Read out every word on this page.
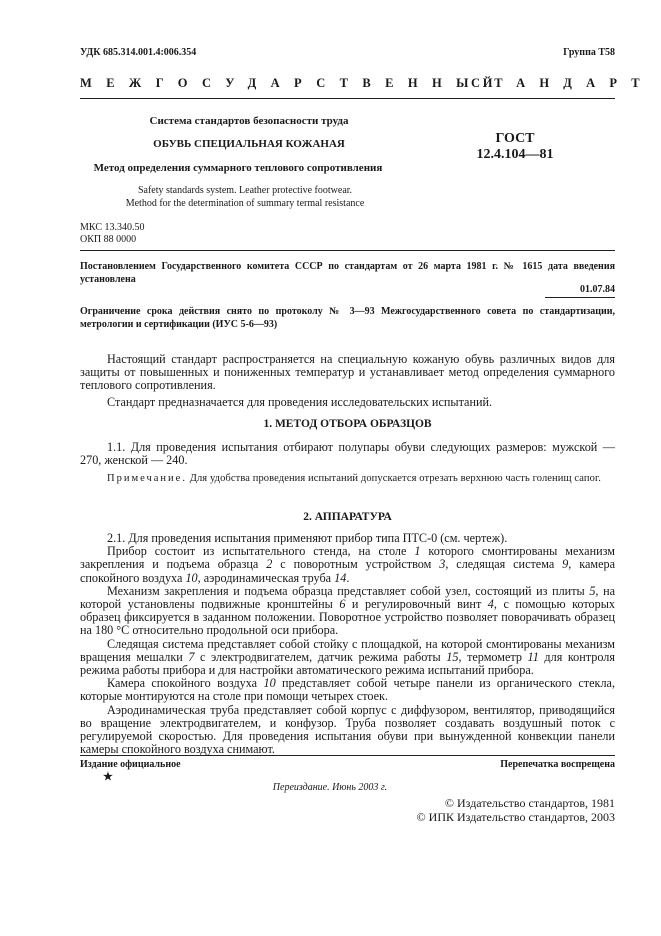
УДК 685.314.001.4:006.354	Группа Т58
МЕЖГОСУДАРСТВЕННЫЙ
СТАНДАРТ
Система стандартов безопасности труда
ОБУВЬ СПЕЦИАЛЬНАЯ КОЖАНАЯ
Метод определения суммарного теплового сопротивления
ГОСТ
12.4.104—81
Safety standards system. Leather protective footwear.
Method for the determination of summary termal resistance
МКС 13.340.50
ОКП 88 0000
Постановлением Государственного комитета СССР по стандартам от 26 марта 1981 г. № 1615 дата введения установлена
01.07.84
Ограничение срока действия снято по протоколу № 3—93 Межгосударственного совета по стандартизации, метрологии и сертификации (ИУС 5-6—93)

Настоящий стандарт распространяется на специальную кожаную обувь различных видов для защиты от повышенных и пониженных температур и устанавливает метод определения суммарного теплового сопротивления.

Стандарт предназначается для проведения исследовательских испытаний.

1. МЕТОД ОТБОРА ОБРАЗЦОВ

1.1. Для проведения испытания отбирают полупары обуви следующих размеров: мужской — 270, женской — 240.

Примечание. Для удобства проведения испытаний допускается отрезать верхнюю часть голенищ сапог.

2. АППАРАТУРА

2.1. Для проведения испытания применяют прибор типа ПТС-0 (см. чертеж).

Прибор состоит из испытательного стенда, на столе 1 которого смонтированы механизм закрепления и подъема образца 2 с поворотным устройством 3, следящая система 9, камера спокойного воздуха 10, аэродинамическая труба 14.

Механизм закрепления и подъема образца представляет собой узел, состоящий из плиты 5, на которой установлены подвижные кронштейны 6 и регулировочный винт 4, с помощью которых образец фиксируется в заданном положении. Поворотное устройство позволяет поворачивать образец на 180 °С относительно продольной оси прибора.

Следящая система представляет собой стойку с площадкой, на которой смонтированы механизм вращения мешалки 7 с электродвигателем, датчик режима работы 15, термометр 11 для контроля режима работы прибора и для настройки автоматического режима испытаний прибора.

Камера спокойного воздуха 10 представляет собой четыре панели из органического стекла, которые монтируются на столе при помощи четырех стоек.

Аэродинамическая труба представляет собой корпус с диффузором, вентилятор, приводящийся во вращение электродвигателем, и конфузор. Труба позволяет создавать воздушный поток с регулируемой скоростью. Для проведения испытания обуви при вынужденной конвекции панели камеры спокойного воздуха снимают.

Издание официальное
★
Перепечатка воспрещена
Переиздание. Июнь 2003 г.
© Издательство стандартов, 1981
© ИПК Издательство стандартов, 2003
